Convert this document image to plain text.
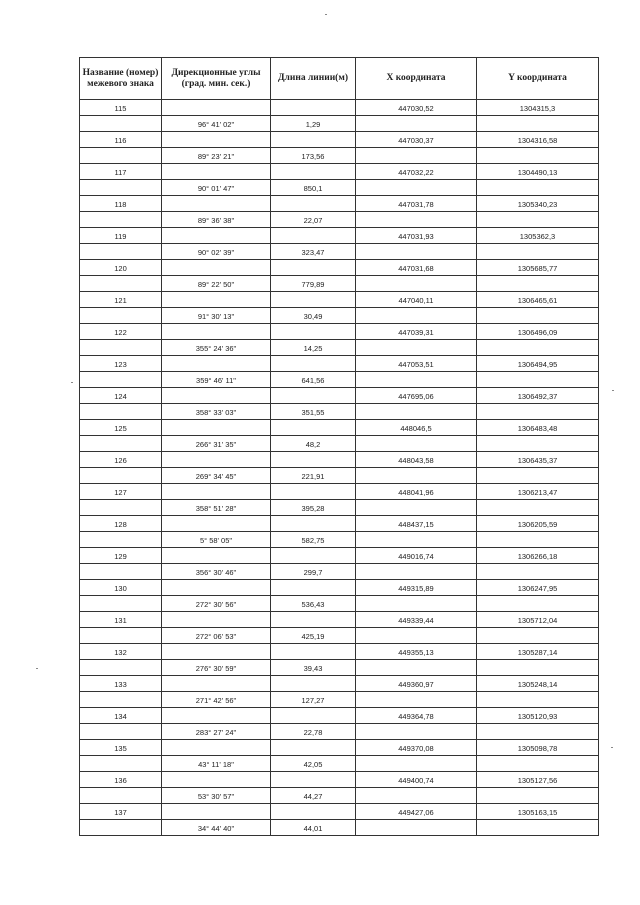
Название (номер) межевого знака	Дирекционные углы (град. мин. сек.)	Длина линии(м)	X координата	Y координата
115			447030,52	1304315,3
	96° 41' 02"	1,29		
116			447030,37	1304316,58
	89° 23' 21"	173,56		
117			447032,22	1304490,13
	90° 01' 47"	850,1		
118			447031,78	1305340,23
	89° 36' 38"	22,07		
119			447031,93	1305362,3
	90° 02' 39"	323,47		
120			447031,68	1305685,77
	89° 22' 50"	779,89		
121			447040,11	1306465,61
	91° 30' 13"	30,49		
122			447039,31	1306496,09
	355° 24' 36"	14,25		
123			447053,51	1306494,95
	359° 46' 11"	641,56		
124			447695,06	1306492,37
	358° 33' 03"	351,55		
125			448046,5	1306483,48
	266° 31' 35"	48,2		
126			448043,58	1306435,37
	269° 34' 45"	221,91		
127			448041,96	1306213,47
	358° 51' 28"	395,28		
128			448437,15	1306205,59
	5° 58' 05"	582,75		
129			449016,74	1306266,18
	356° 30' 46"	299,7		
130			449315,89	1306247,95
	272° 30' 56"	536,43		
131			449339,44	1305712,04
	272° 06' 53"	425,19		
132			449355,13	1305287,14
	276° 30' 59"	39,43		
133			449360,97	1305248,14
	271° 42' 56"	127,27		
134			449364,78	1305120,93
	283° 27' 24"	22,78		
135			449370,08	1305098,78
	43° 11' 18"	42,05		
136			449400,74	1305127,56
	53° 30' 57"	44,27		
137			449427,06	1305163,15
	34° 44' 40"	44,01		
